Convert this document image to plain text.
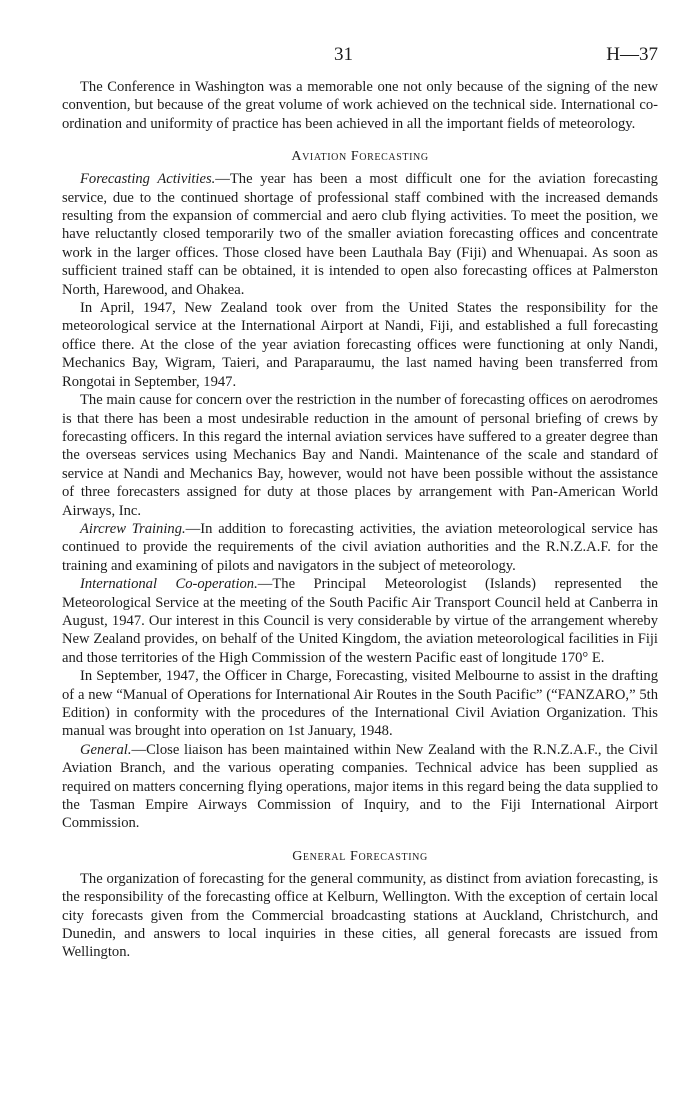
31	H—37

The Conference in Washington was a memorable one not only because of the signing of the new convention, but because of the great volume of work achieved on the technical side. International co-ordination and uniformity of practice has been achieved in all the important fields of meteorology.

Aviation Forecasting

Forecasting Activities.—The year has been a most difficult one for the aviation forecasting service, due to the continued shortage of professional staff combined with the increased demands resulting from the expansion of commercial and aero club flying activities. To meet the position, we have reluctantly closed temporarily two of the smaller aviation forecasting offices and concentrate work in the larger offices. Those closed have been Lauthala Bay (Fiji) and Whenuapai. As soon as sufficient trained staff can be obtained, it is intended to open also forecasting offices at Palmerston North, Harewood, and Ohakea.

In April, 1947, New Zealand took over from the United States the responsibility for the meteorological service at the International Airport at Nandi, Fiji, and established a full forecasting office there. At the close of the year aviation forecasting offices were functioning at only Nandi, Mechanics Bay, Wigram, Taieri, and Paraparaumu, the last named having been transferred from Rongotai in September, 1947.

The main cause for concern over the restriction in the number of forecasting offices on aerodromes is that there has been a most undesirable reduction in the amount of personal briefing of crews by forecasting officers. In this regard the internal aviation services have suffered to a greater degree than the overseas services using Mechanics Bay and Nandi. Maintenance of the scale and standard of service at Nandi and Mechanics Bay, however, would not have been possible without the assistance of three forecasters assigned for duty at those places by arrangement with Pan-American World Airways, Inc.

Aircrew Training.—In addition to forecasting activities, the aviation meteorological service has continued to provide the requirements of the civil aviation authorities and the R.N.Z.A.F. for the training and examining of pilots and navigators in the subject of meteorology.

International Co-operation.—The Principal Meteorologist (Islands) represented the Meteorological Service at the meeting of the South Pacific Air Transport Council held at Canberra in August, 1947. Our interest in this Council is very considerable by virtue of the arrangement whereby New Zealand provides, on behalf of the United Kingdom, the aviation meteorological facilities in Fiji and those territories of the High Commission of the western Pacific east of longitude 170° E.

In September, 1947, the Officer in Charge, Forecasting, visited Melbourne to assist in the drafting of a new “Manual of Operations for International Air Routes in the South Pacific” (“FANZARO,” 5th Edition) in conformity with the procedures of the International Civil Aviation Organization. This manual was brought into operation on 1st January, 1948.

General.—Close liaison has been maintained within New Zealand with the R.N.Z.A.F., the Civil Aviation Branch, and the various operating companies. Technical advice has been supplied as required on matters concerning flying operations, major items in this regard being the data supplied to the Tasman Empire Airways Commission of Inquiry, and to the Fiji International Airport Commission.

General Forecasting

The organization of forecasting for the general community, as distinct from aviation forecasting, is the responsibility of the forecasting office at Kelburn, Wellington. With the exception of certain local city forecasts given from the Commercial broadcasting stations at Auckland, Christchurch, and Dunedin, and answers to local inquiries in these cities, all general forecasts are issued from Wellington.
